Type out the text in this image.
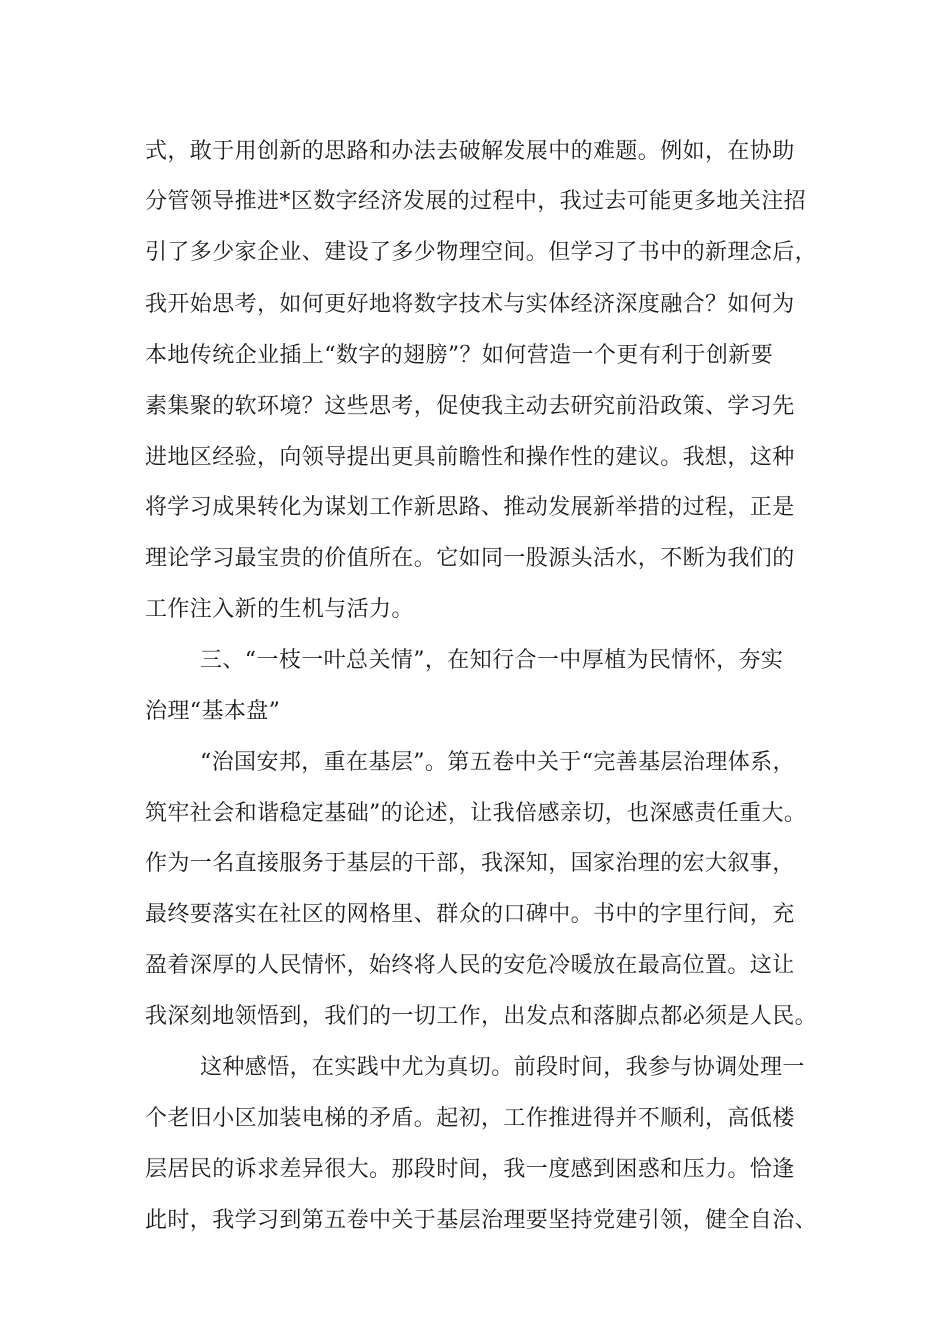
式，敢于用创新的思路和办法去破解发展中的难题。例如，在协助
分管领导推进*区数字经济发展的过程中，我过去可能更多地关注招
引了多少家企业、建设了多少物理空间。但学习了书中的新理念后，
我开始思考，如何更好地将数字技术与实体经济深度融合？如何为
本地传统企业插上“数字的翅膀”？如何营造一个更有利于创新要
素集聚的软环境？这些思考，促使我主动去研究前沿政策、学习先
进地区经验，向领导提出更具前瞻性和操作性的建议。我想，这种
将学习成果转化为谋划工作新思路、推动发展新举措的过程，正是
理论学习最宝贵的价值所在。它如同一股源头活水，不断为我们的
工作注入新的生机与活力。
三、“一枝一叶总关情”，在知行合一中厚植为民情怀，夯实
治理“基本盘”
“治国安邦，重在基层”。第五卷中关于“完善基层治理体系，
筑牢社会和谐稳定基础”的论述，让我倍感亲切，也深感责任重大。
作为一名直接服务于基层的干部，我深知，国家治理的宏大叙事，
最终要落实在社区的网格里、群众的口碑中。书中的字里行间，充
盈着深厚的人民情怀，始终将人民的安危冷暖放在最高位置。这让
我深刻地领悟到，我们的一切工作，出发点和落脚点都必须是人民。
这种感悟，在实践中尤为真切。前段时间，我参与协调处理一
个老旧小区加装电梯的矛盾。起初，工作推进得并不顺利，高低楼
层居民的诉求差异很大。那段时间，我一度感到困惑和压力。恰逢
此时，我学习到第五卷中关于基层治理要坚持党建引领，健全自治、
